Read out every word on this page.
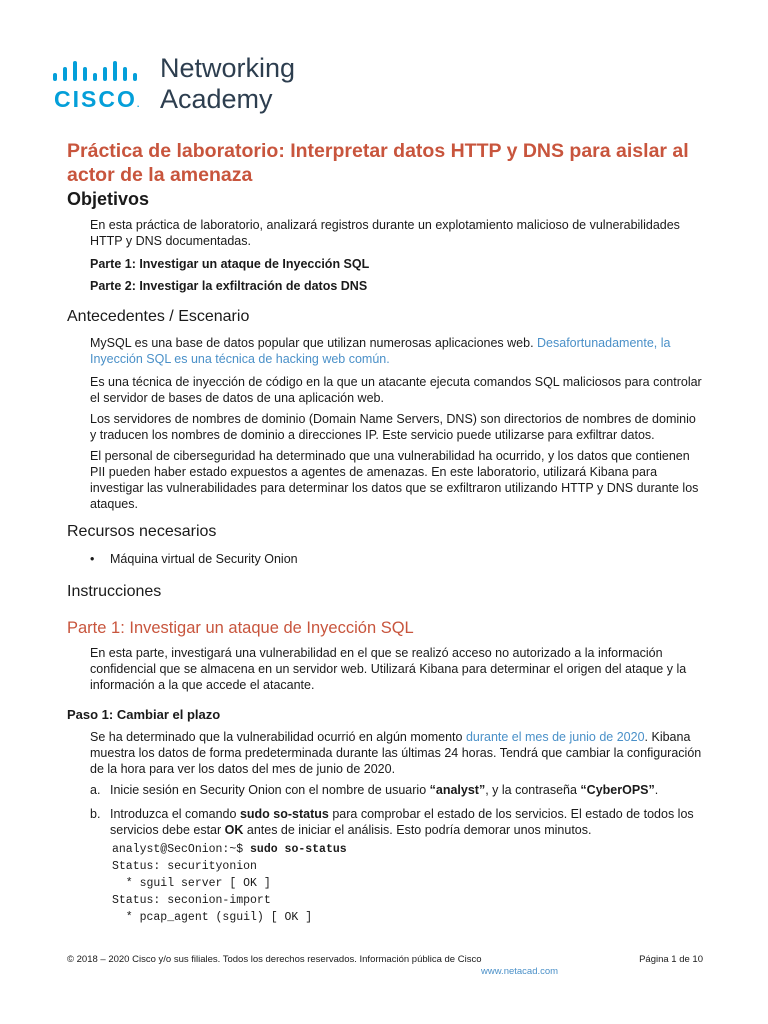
CISCO.
Networking
Academy
Práctica de laboratorio: Interpretar datos HTTP y DNS para aislar al actor de la amenaza
Objetivos

En esta práctica de laboratorio, analizará registros durante un explotamiento malicioso de vulnerabilidades HTTP y DNS documentadas.

Parte 1: Investigar un ataque de Inyección SQL

Parte 2: Investigar la exfiltración de datos DNS

Antecedentes / Escenario

MySQL es una base de datos popular que utilizan numerosas aplicaciones web. Desafortunadamente, la Inyección SQL es una técnica de hacking web común.

Es una técnica de inyección de código en la que un atacante ejecuta comandos SQL maliciosos para controlar el servidor de bases de datos de una aplicación web.

Los servidores de nombres de dominio (Domain Name Servers, DNS) son directorios de nombres de dominio y traducen los nombres de dominio a direcciones IP. Este servicio puede utilizarse para exfiltrar datos.

El personal de ciberseguridad ha determinado que una vulnerabilidad ha ocurrido, y los datos que contienen PII pueden haber estado expuestos a agentes de amenazas. En este laboratorio, utilizará Kibana para investigar las vulnerabilidades para determinar los datos que se exfiltraron utilizando HTTP y DNS durante los ataques.

Recursos necesarios
• Máquina virtual de Security Onion
Instrucciones
Parte 1: Investigar un ataque de Inyección SQL

En esta parte, investigará una vulnerabilidad en el que se realizó acceso no autorizado a la información confidencial que se almacena en un servidor web. Utilizará Kibana para determinar el origen del ataque y la información a la que accede el atacante.

Paso 1: Cambiar el plazo

Se ha determinado que la vulnerabilidad ocurrió en algún momento durante el mes de junio de 2020. Kibana muestra los datos de forma predeterminada durante las últimas 24 horas. Tendrá que cambiar la configuración de la hora para ver los datos del mes de junio de 2020.

a. Inicie sesión en Security Onion con el nombre de usuario “analyst”, y la contraseña “CyberOPS”.
b. Introduzca el comando sudo so-status para comprobar el estado de los servicios. El estado de todos los servicios debe estar OK antes de iniciar el análisis. Esto podría demorar unos minutos.
analyst@SecOnion:~$ sudo so-status
Status: securityonion
* sguil server [ OK ]
Status: seconion-import
* pcap_agent (sguil) [ OK ]
© 2018 – 2020 Cisco y/o sus filiales. Todos los derechos reservados. Información pública de Cisco	Página 1 de 10
www.netacad.com
